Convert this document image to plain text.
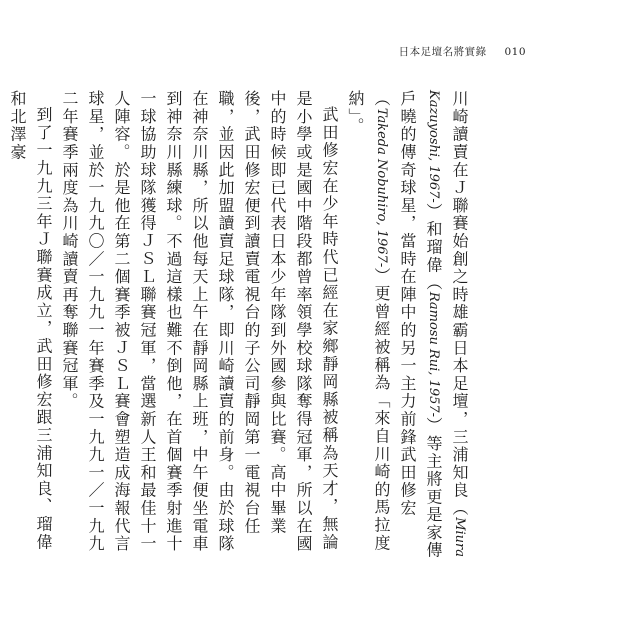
日本足壇名將實錄 010

川崎讀賣在Ｊ聯賽始創之時雄霸日本足壇，三浦知良（Miura Kazuyoshi, 1967-）和瑠偉（Ramosu Rui, 1957-）等主將更是家傳戶曉的傳奇球星，當時在陣中的另一主力前鋒武田修宏（Takeda Nobuhiro, 1967-）更曾經被稱為「來自川崎的馬拉度納」。

武田修宏在少年時代已經在家鄉靜岡縣被稱為天才，無論是小學或是國中階段都曾率領學校球隊奪得冠軍，所以在國中的時候即已代表日本少年隊到外國參與比賽。高中畢業後，武田修宏便到讀賣電視台的子公司靜岡第一電視台任職，並因此加盟讀賣足球隊，即川崎讀賣的前身。由於球隊在神奈川縣，所以他每天上午在靜岡縣上班，中午便坐電車到神奈川縣練球。不過這樣也難不倒他，在首個賽季射進十一球協助球隊獲得ＪＳＬ聯賽冠軍，當選新人王和最佳十一人陣容。於是他在第二個賽季被ＪＳＬ賽會塑造成海報代言球星，並於一九九〇／一九九一年賽季及一九九一／一九九二年賽季兩度為川崎讀賣再奪聯賽冠軍。

到了一九九三年Ｊ聯賽成立，武田修宏跟三浦知良、瑠偉和北澤豪
